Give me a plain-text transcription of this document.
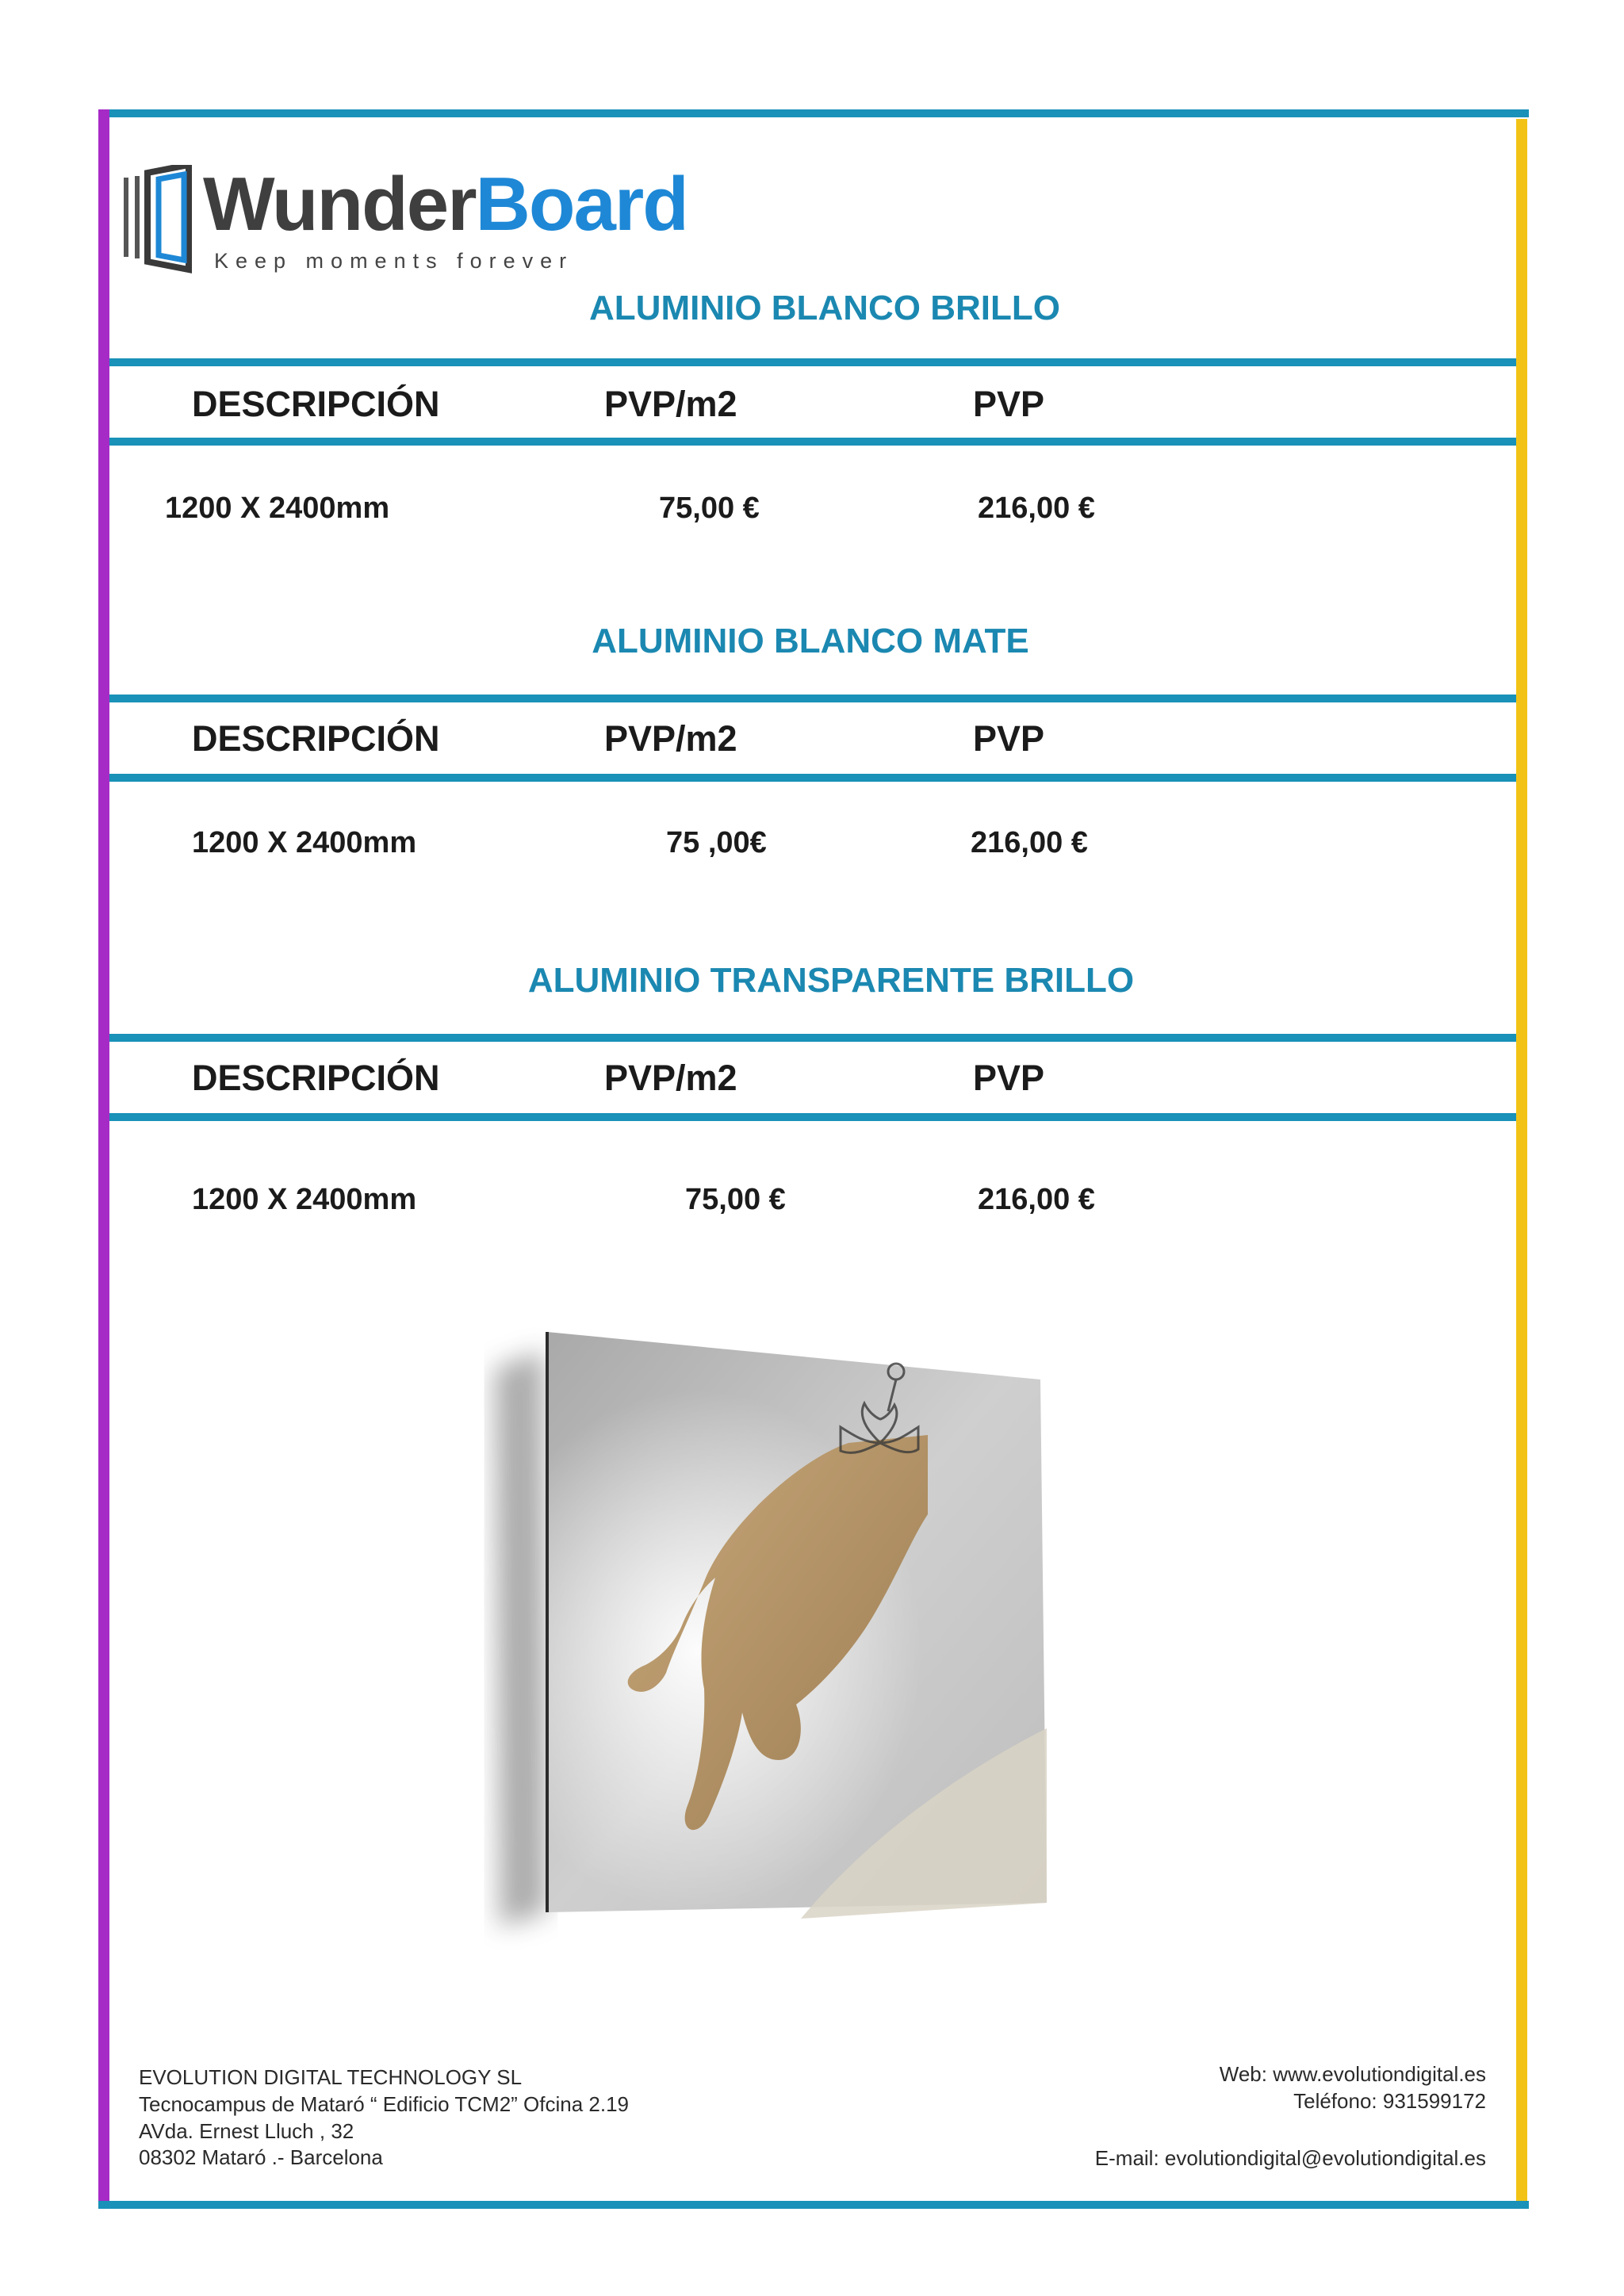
WunderBoard
Keep moments forever
ALUMINIO BLANCO BRILLO
DESCRIPCIÓN	PVP/m2	PVP
1200 X 2400mm	75,00 €	216,00 €
ALUMINIO BLANCO MATE
DESCRIPCIÓN	PVP/m2	PVP
1200 X 2400mm	75 ,00€	216,00 €
ALUMINIO TRANSPARENTE BRILLO
DESCRIPCIÓN	PVP/m2	PVP
1200 X 2400mm	75,00 €	216,00 €
EVOLUTION DIGITAL TECHNOLOGY SL
Tecnocampus de Mataró “ Edificio TCM2” Ofcina 2.19
AVda. Ernest Lluch , 32
08302 Mataró .- Barcelona
Web: www.evolutiondigital.es
Teléfono: 931599172
E-mail: evolutiondigital@evolutiondigital.es
